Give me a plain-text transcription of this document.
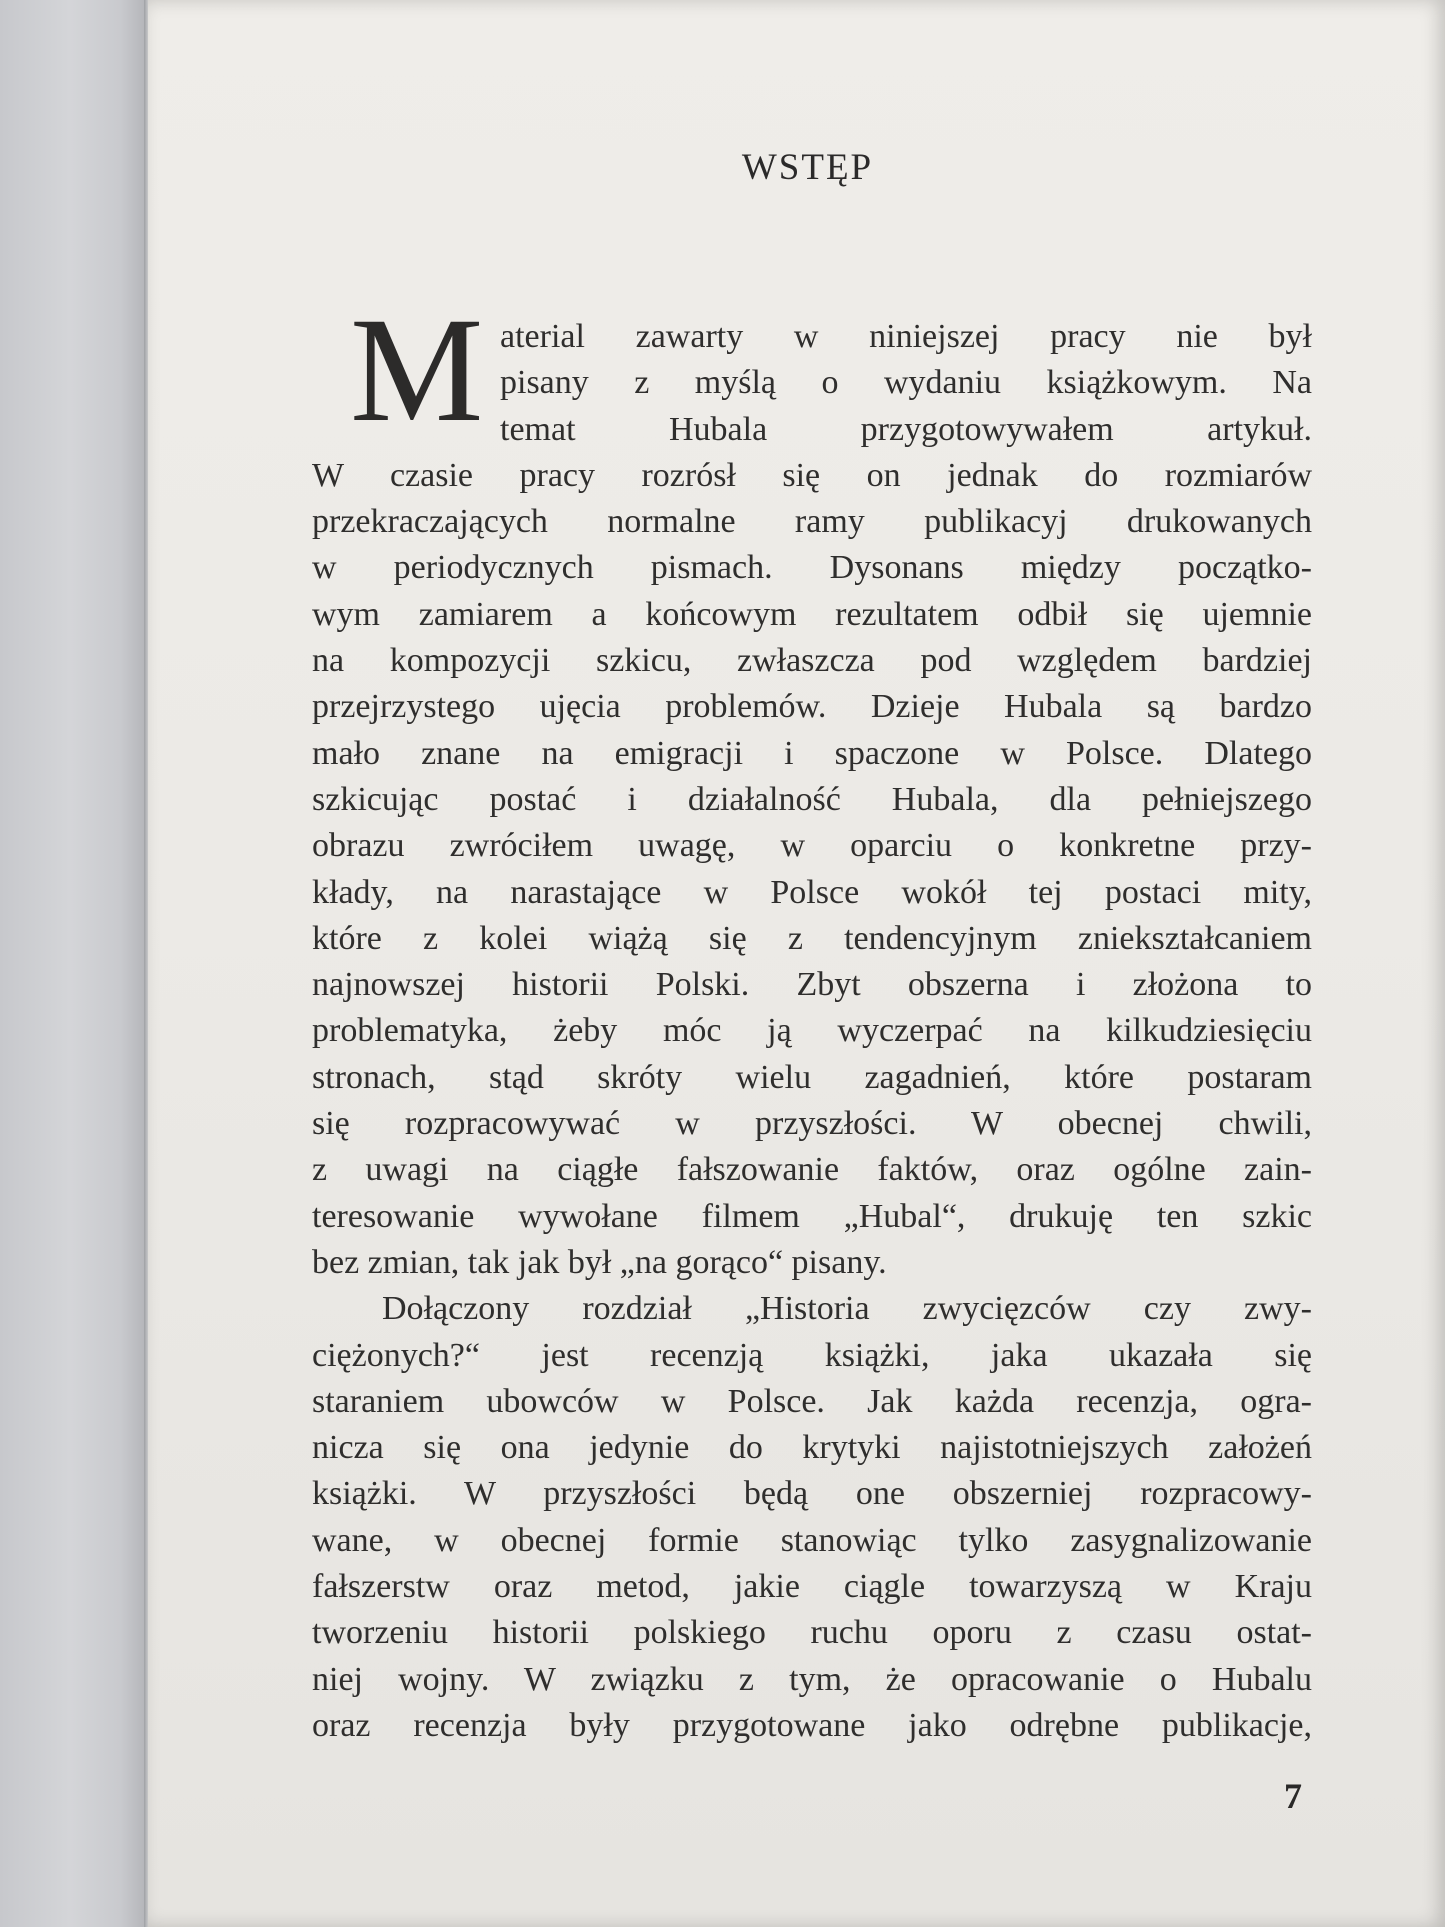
WSTĘP
M aterial zawarty w niniejszej pracy nie był
pisany z myślą o wydaniu książkowym. Na
temat Hubala przygotowywałem artykuł.
W czasie pracy rozrósł się on jednak do rozmiarów
przekraczających normalne ramy publikacyj drukowanych
w periodycznych pismach. Dysonans między początko-
wym zamiarem a końcowym rezultatem odbił się ujemnie
na kompozycji szkicu, zwłaszcza pod względem bardziej
przejrzystego ujęcia problemów. Dzieje Hubala są bardzo
mało znane na emigracji i spaczone w Polsce. Dlatego
szkicując postać i działalność Hubala, dla pełniejszego
obrazu zwróciłem uwagę, w oparciu o konkretne przy-
kłady, na narastające w Polsce wokół tej postaci mity,
które z kolei wiążą się z tendencyjnym zniekształcaniem
najnowszej historii Polski. Zbyt obszerna i złożona to
problematyka, żeby móc ją wyczerpać na kilkudziesięciu
stronach, stąd skróty wielu zagadnień, które postaram
się rozpracowywać w przyszłości. W obecnej chwili,
z uwagi na ciągłe fałszowanie faktów, oraz ogólne zain-
teresowanie wywołane filmem „Hubal“, drukuję ten szkic
bez zmian, tak jak był „na gorąco“ pisany.
Dołączony rozdział „Historia zwycięzców czy zwy-
ciężonych?“ jest recenzją książki, jaka ukazała się
staraniem ubowców w Polsce. Jak każda recenzja, ogra-
nicza się ona jedynie do krytyki najistotniejszych założeń
książki. W przyszłości będą one obszerniej rozpracowy-
wane, w obecnej formie stanowiąc tylko zasygnalizowanie
fałszerstw oraz metod, jakie ciągle towarzyszą w Kraju
tworzeniu historii polskiego ruchu oporu z czasu ostat-
niej wojny. W związku z tym, że opracowanie o Hubalu
oraz recenzja były przygotowane jako odrębne publikacje,
7
